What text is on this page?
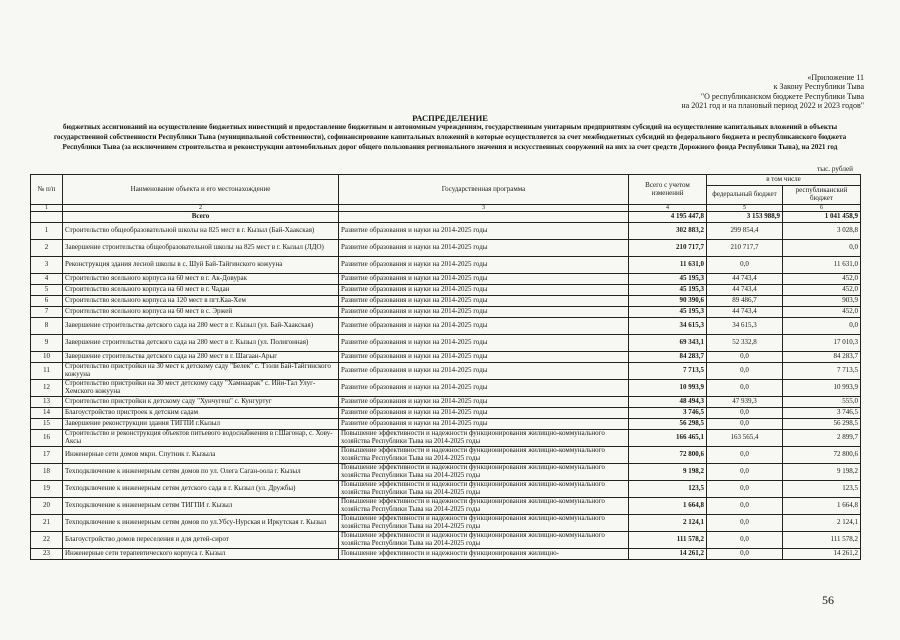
«Приложение 11
к Закону Республики Тыва
"О республиканском бюджете Республики Тыва
на 2021 год и на плановый период 2022 и 2023 годов"
РАСПРЕДЕЛЕНИЕ
бюджетных ассигнований на осуществление бюджетных инвестиций и предоставление бюджетным и автономным учреждениям, государственным унитарным предприятиям субсидий на осуществление капитальных вложений в объекты государственной собственности Республики Тыва (муниципальной собственности), софинансирование капитальных вложений в которые осуществляется за счет межбюджетных субсидий из федерального бюджета и республиканского бюджета Республики Тыва (за исключением строительства и реконструкции автомобильных дорог общего пользования регионального значения и искусственных сооружений на них за счет средств Дорожного фонда Республики Тыва), на 2021 год
тыс. рублей
№ п/п	Наименование объекта и его местонахождение	Государственная программа	Всего с учетом изменений	в том числе	
				федеральный бюджет	республиканский бюджет
1	2	3	4	5	6
	Всего		4 195 447,8	3 153 988,9	1 041 458,9
1	Строительство общеобразовательной школы на 825 мест в г. Кызыл (Бай-Хаакская)	Развитие образования и науки на 2014-2025 годы	302 883,2	299 854,4	3 028,8
2	Завершение строительства общеобразовательной школы на 825 мест в г. Кызыл (ЛДО)	Развитие образования и науки на 2014-2025 годы	210 717,7	210 717,7	0,0
3	Реконструкция здания лесной школы в с. Шуй Бай-Тайгинского кожууна	Развитие образования и науки на 2014-2025 годы	11 631,0	0,0	11 631,0
4	Строительство ясельного корпуса на 60 мест в г. Ак-Довурак	Развитие образования и науки на 2014-2025 годы	45 195,3	44 743,4	452,0
5	Строительство ясельного корпуса на 60 мест в г. Чадан	Развитие образования и науки на 2014-2025 годы	45 195,3	44 743,4	452,0
6	Строительство ясельного корпуса на 120 мест в пгт.Каа-Хем	Развитие образования и науки на 2014-2025 годы	90 390,6	89 486,7	903,9
7	Строительство ясельного корпуса на 60 мест в с. Эржей	Развитие образования и науки на 2014-2025 годы	45 195,3	44 743,4	452,0
8	Завершение строительства детского сада на 280 мест в г. Кызыл (ул. Бай-Хаакская)	Развитие образования и науки на 2014-2025 годы	34 615,3	34 615,3	0,0
9	Завершение строительства детского сада на 280 мест в г. Кызыл (ул. Полигонная)	Развитие образования и науки на 2014-2025 годы	69 343,1	52 332,8	17 010,3
10	Завершение строительства детского сада на 280 мест в г. Шагаан-Арыг	Развитие образования и науки на 2014-2025 годы	84 283,7	0,0	84 283,7
11	Строительство пристройки на 30 мест к детскому саду "Белек" с. Тээли Бай-Тайгинского кожууна	Развитие образования и науки на 2014-2025 годы	7 713,5	0,0	7 713,5
12	Строительство пристройки на 30 мест детскому саду "Хамнаарак" с. Ийи-Тал Улуг-Хемского кожууна	Развитие образования и науки на 2014-2025 годы	10 993,9	0,0	10 993,9
13	Строительство пристройки к детскому саду "Хунчугеш" с. Кунгуртуг	Развитие образования и науки на 2014-2025 годы	48 494,3	47 939,3	555,0
14	Благоустройство пристроек к детским садам	Развитие образования и науки на 2014-2025 годы	3 746,5	0,0	3 746,5
15	Завершение реконструкции здания ТИГПИ г.Кызыл	Развитие образования и науки на 2014-2025 годы	56 298,5	0,0	56 298,5
16	Строительство и реконструкция объектов питьевого водоснабжения в г.Шагонар, с. Хову-Аксы	Повышение эффективности и надежности функционирования жилищно-коммунального хозяйства Республики Тыва на 2014-2025 годы	166 465,1	163 565,4	2 899,7
17	Инженерные сети домов мкрн. Спутник г. Кызыла	Повышение эффективности и надежности функционирования жилищно-коммунального хозяйства Республики Тыва на 2014-2025 годы	72 800,6	0,0	72 800,6
18	Техподключение к инженерным сетям домов по ул. Олега Саган-оола г. Кызыл	Повышение эффективности и надежности функционирования жилищно-коммунального хозяйства Республики Тыва на 2014-2025 годы	9 198,2	0,0	9 198,2
19	Техподключение к инженерным сетям детского сада в г. Кызыл (ул. Дружбы)	Повышение эффективности и надежности функционирования жилищно-коммунального хозяйства Республики Тыва на 2014-2025 годы	123,5	0,0	123,5
20	Техподключение к инженерным сетям ТИГПИ г. Кызыл	Повышение эффективности и надежности функционирования жилищно-коммунального хозяйства Республики Тыва на 2014-2025 годы	1 664,8	0,0	1 664,8
21	Техподключение к инженерным сетям домов по ул.Убсу-Нурская и Иркутская г. Кызыл	Повышение эффективности и надежности функционирования жилищно-коммунального хозяйства Республики Тыва на 2014-2025 годы	2 124,1	0,0	2 124,1
22	Благоустройство домов переселения и для детей-сирот	Повышение эффективности и надежности функционирования жилищно-коммунального хозяйства Республики Тыва на 2014-2025 годы	111 578,2	0,0	111 578,2
23	Инженерные сети терапевтического корпуса г. Кызыл	Повышение эффективности и надежности функционирования жилищно-	14 261,2	0,0	14 261,2
56
